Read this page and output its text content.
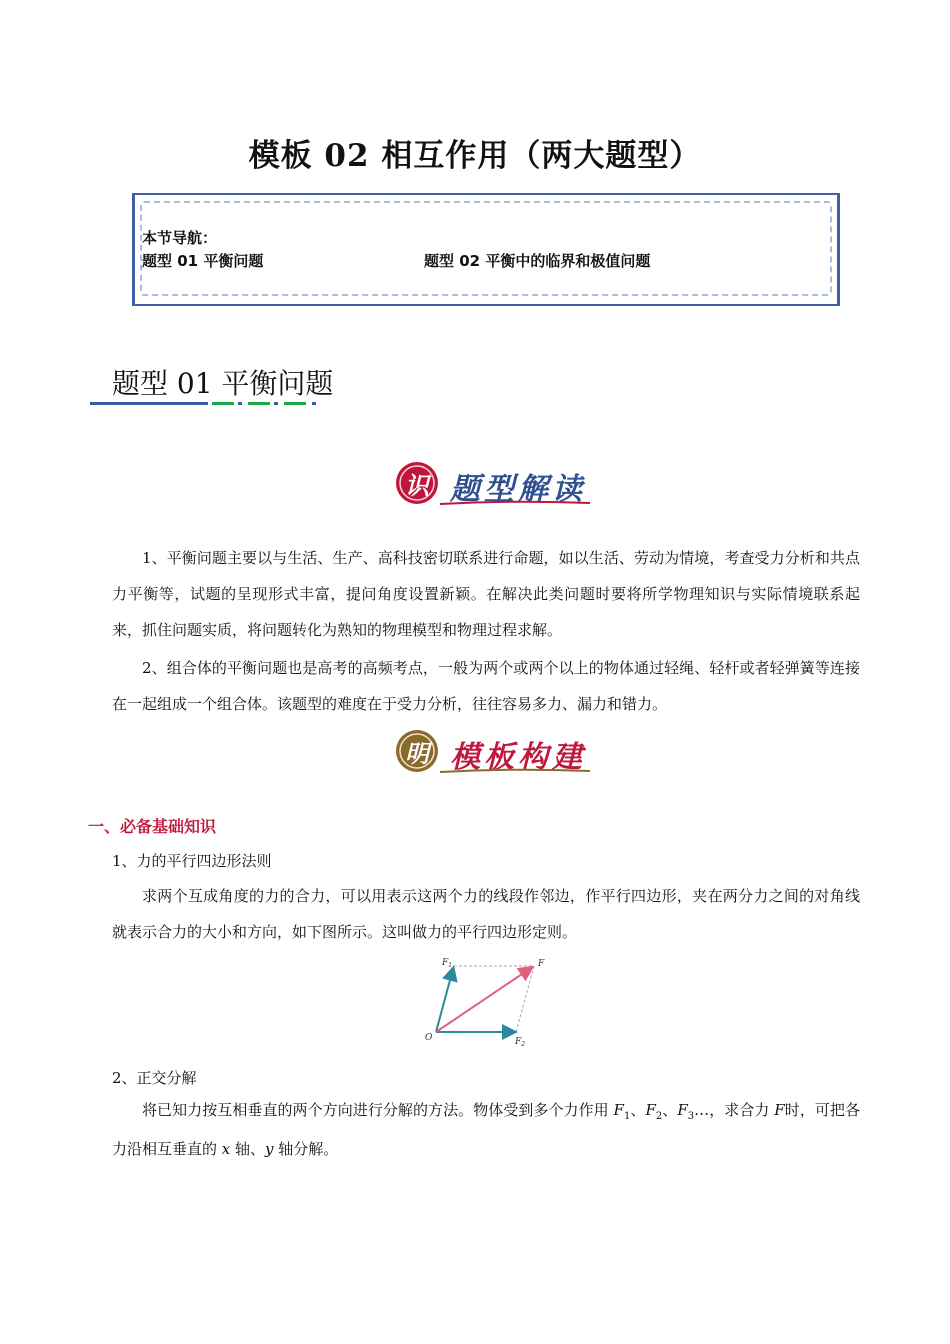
模板 02 相互作用（两大题型）
本节导航：
题型 01 平衡问题	题型 02 平衡中的临界和极值问题
题型 01 平衡问题
识 题型解读
1、平衡问题主要以与生活、生产、高科技密切联系进行命题，如以生活、劳动为情境，考查受力分析和共点力平衡等，试题的呈现形式丰富，提问角度设置新颖。在解决此类问题时要将所学物理知识与实际情境联系起来，抓住问题实质，将问题转化为熟知的物理模型和物理过程求解。
2、组合体的平衡问题也是高考的高频考点，一般为两个或两个以上的物体通过轻绳、轻杆或者轻弹簧等连接在一起组成一个组合体。该题型的难度在于受力分析，往往容易多力、漏力和错力。
明 模板构建
一、必备基础知识
1、力的平行四边形法则
求两个互成角度的力的合力，可以用表示这两个力的线段作邻边，作平行四边形，夹在两分力之间的对角线就表示合力的大小和方向，如下图所示。这叫做力的平行四边形定则。
O
$F_1$	F
$F_2$
2、正交分解
将已知力按互相垂直的两个方向进行分解的方法。物体受到多个力作用 $F_1$、$F_2$、$F_3\dots$，求合力 F时，可把各力沿相互垂直的 x 轴、y 轴分解。
